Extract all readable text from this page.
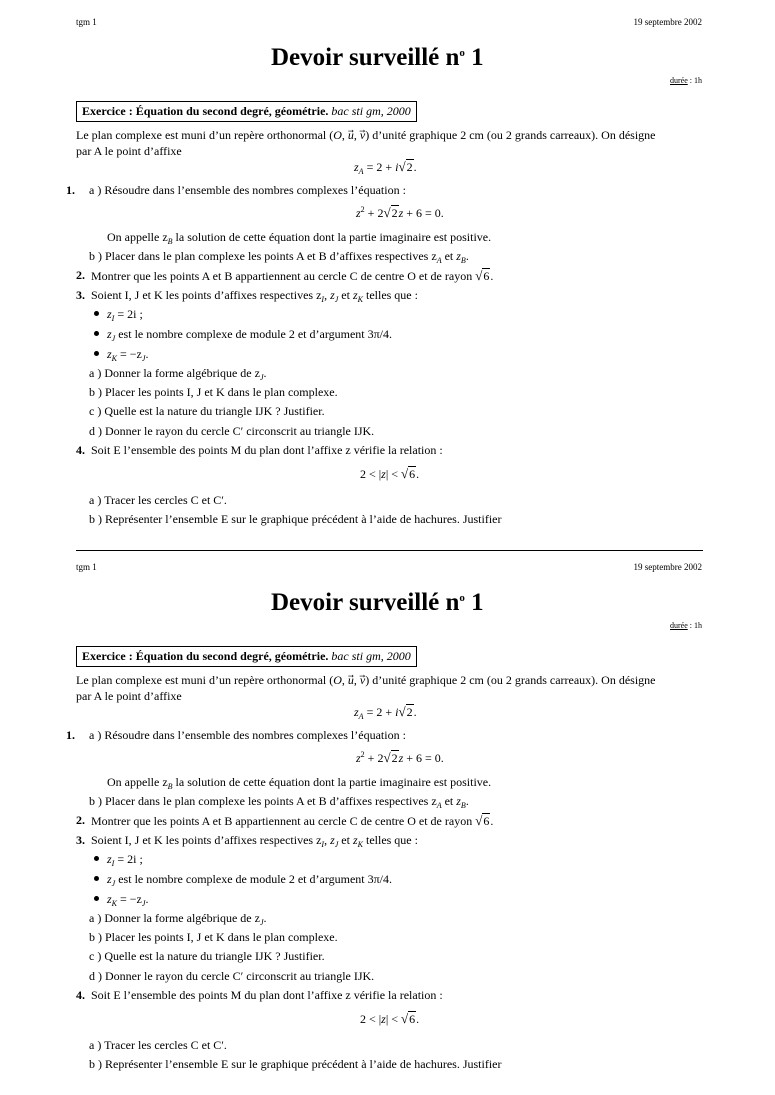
tgm 1	19 septembre 2002
Devoir surveillé $n^o$ 1
durée : 1h
Exercice : Équation du second degré, géométrie. bac sti gm, 2000
Le plan complexe est muni d’un repère orthonormal (O, u⃗, v) d’unité graphique 2 cm (ou 2 grands carreaux). On désigne
par A le point d’affixe
$z_A = 2 + i√2$.
1. a ) Résoudre dans l’ensemble des nombres complexes l’équation :
$z^2 + 2√2z + 6 = 0$.
On appelle $z_B$ la solution de cette équation dont la partie imaginaire est positive.
b ) Placer dans le plan complexe les points A et B d’affixes respectives $z_A$ et $z_B$.
2. Montrer que les points A et B appartiennent au cercle C de centre O et de rayon √6.
3. Soient I, J et K les points d’affixes respectives $z_I$, $z_J$ et $z_K$ telles que :
$z_I = 2i$ ;
$z_J$ est le nombre complexe de module 2 et d’argument 3π/4.
$z_K = -z_J$.
a ) Donner la forme algébrique de $z_J$.
b ) Placer les points I, J et K dans le plan complexe.
c ) Quelle est la nature du triangle IJK ? Justifier.
d ) Donner le rayon du cercle C′ circonscrit au triangle IJK.
4. Soit E l’ensemble des points M du plan dont l’affixe z vérifie la relation :
2 < |z| < √6.
a ) Tracer les cercles C et C′.
b ) Représenter l’ensemble E sur le graphique précédent à l’aide de hachures. Justifier
tgm 1	19 septembre 2002
Devoir surveillé $n^o$ 1
durée : 1h
Exercice : Équation du second degré, géométrie. bac sti gm, 2000
Le plan complexe est muni d’un repère orthonormal (O, u⃗, v) d’unité graphique 2 cm (ou 2 grands carreaux). On désigne
par A le point d’affixe
$z_A = 2 + i√2$.
1. a ) Résoudre dans l’ensemble des nombres complexes l’équation :
$z^2 + 2√2z + 6 = 0$.
On appelle $z_B$ la solution de cette équation dont la partie imaginaire est positive.
b ) Placer dans le plan complexe les points A et B d’affixes respectives $z_A$ et $z_B$.
2. Montrer que les points A et B appartiennent au cercle C de centre O et de rayon √6.
3. Soient I, J et K les points d’affixes respectives $z_I$, $z_J$ et $z_K$ telles que :
$z_I = 2i$ ;
$z_J$ est le nombre complexe de module 2 et d’argument 3π/4.
$z_K = -z_J$.
a ) Donner la forme algébrique de $z_J$.
b ) Placer les points I, J et K dans le plan complexe.
c ) Quelle est la nature du triangle IJK ? Justifier.
d ) Donner le rayon du cercle C′ circonscrit au triangle IJK.
4. Soit E l’ensemble des points M du plan dont l’affixe z vérifie la relation :
2 < |z| < √6.
a ) Tracer les cercles C et C′.
b ) Représenter l’ensemble E sur le graphique précédent à l’aide de hachures. Justifier
